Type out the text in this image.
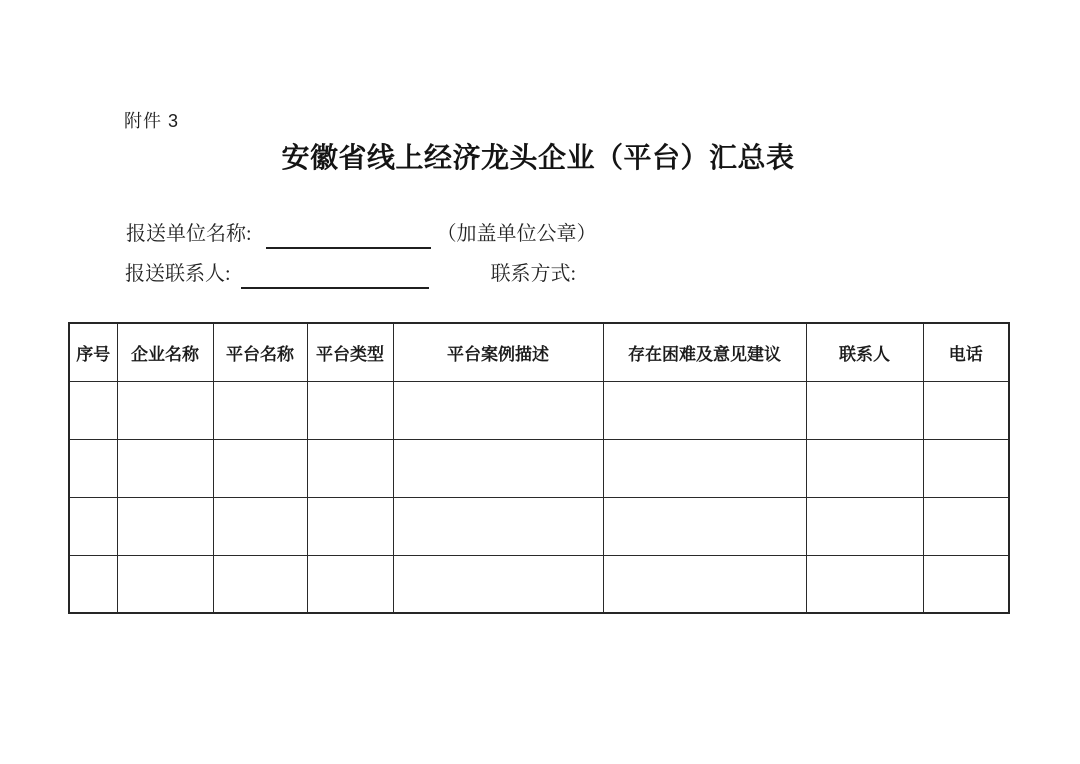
附件 3
安徽省线上经济龙头企业（平台）汇总表
报送单位名称:	（加盖单位公章）
报送联系人:	联系方式:
序号	企业名称	平台名称	平台类型	平台案例描述	存在困难及意见建议	联系人	电话
